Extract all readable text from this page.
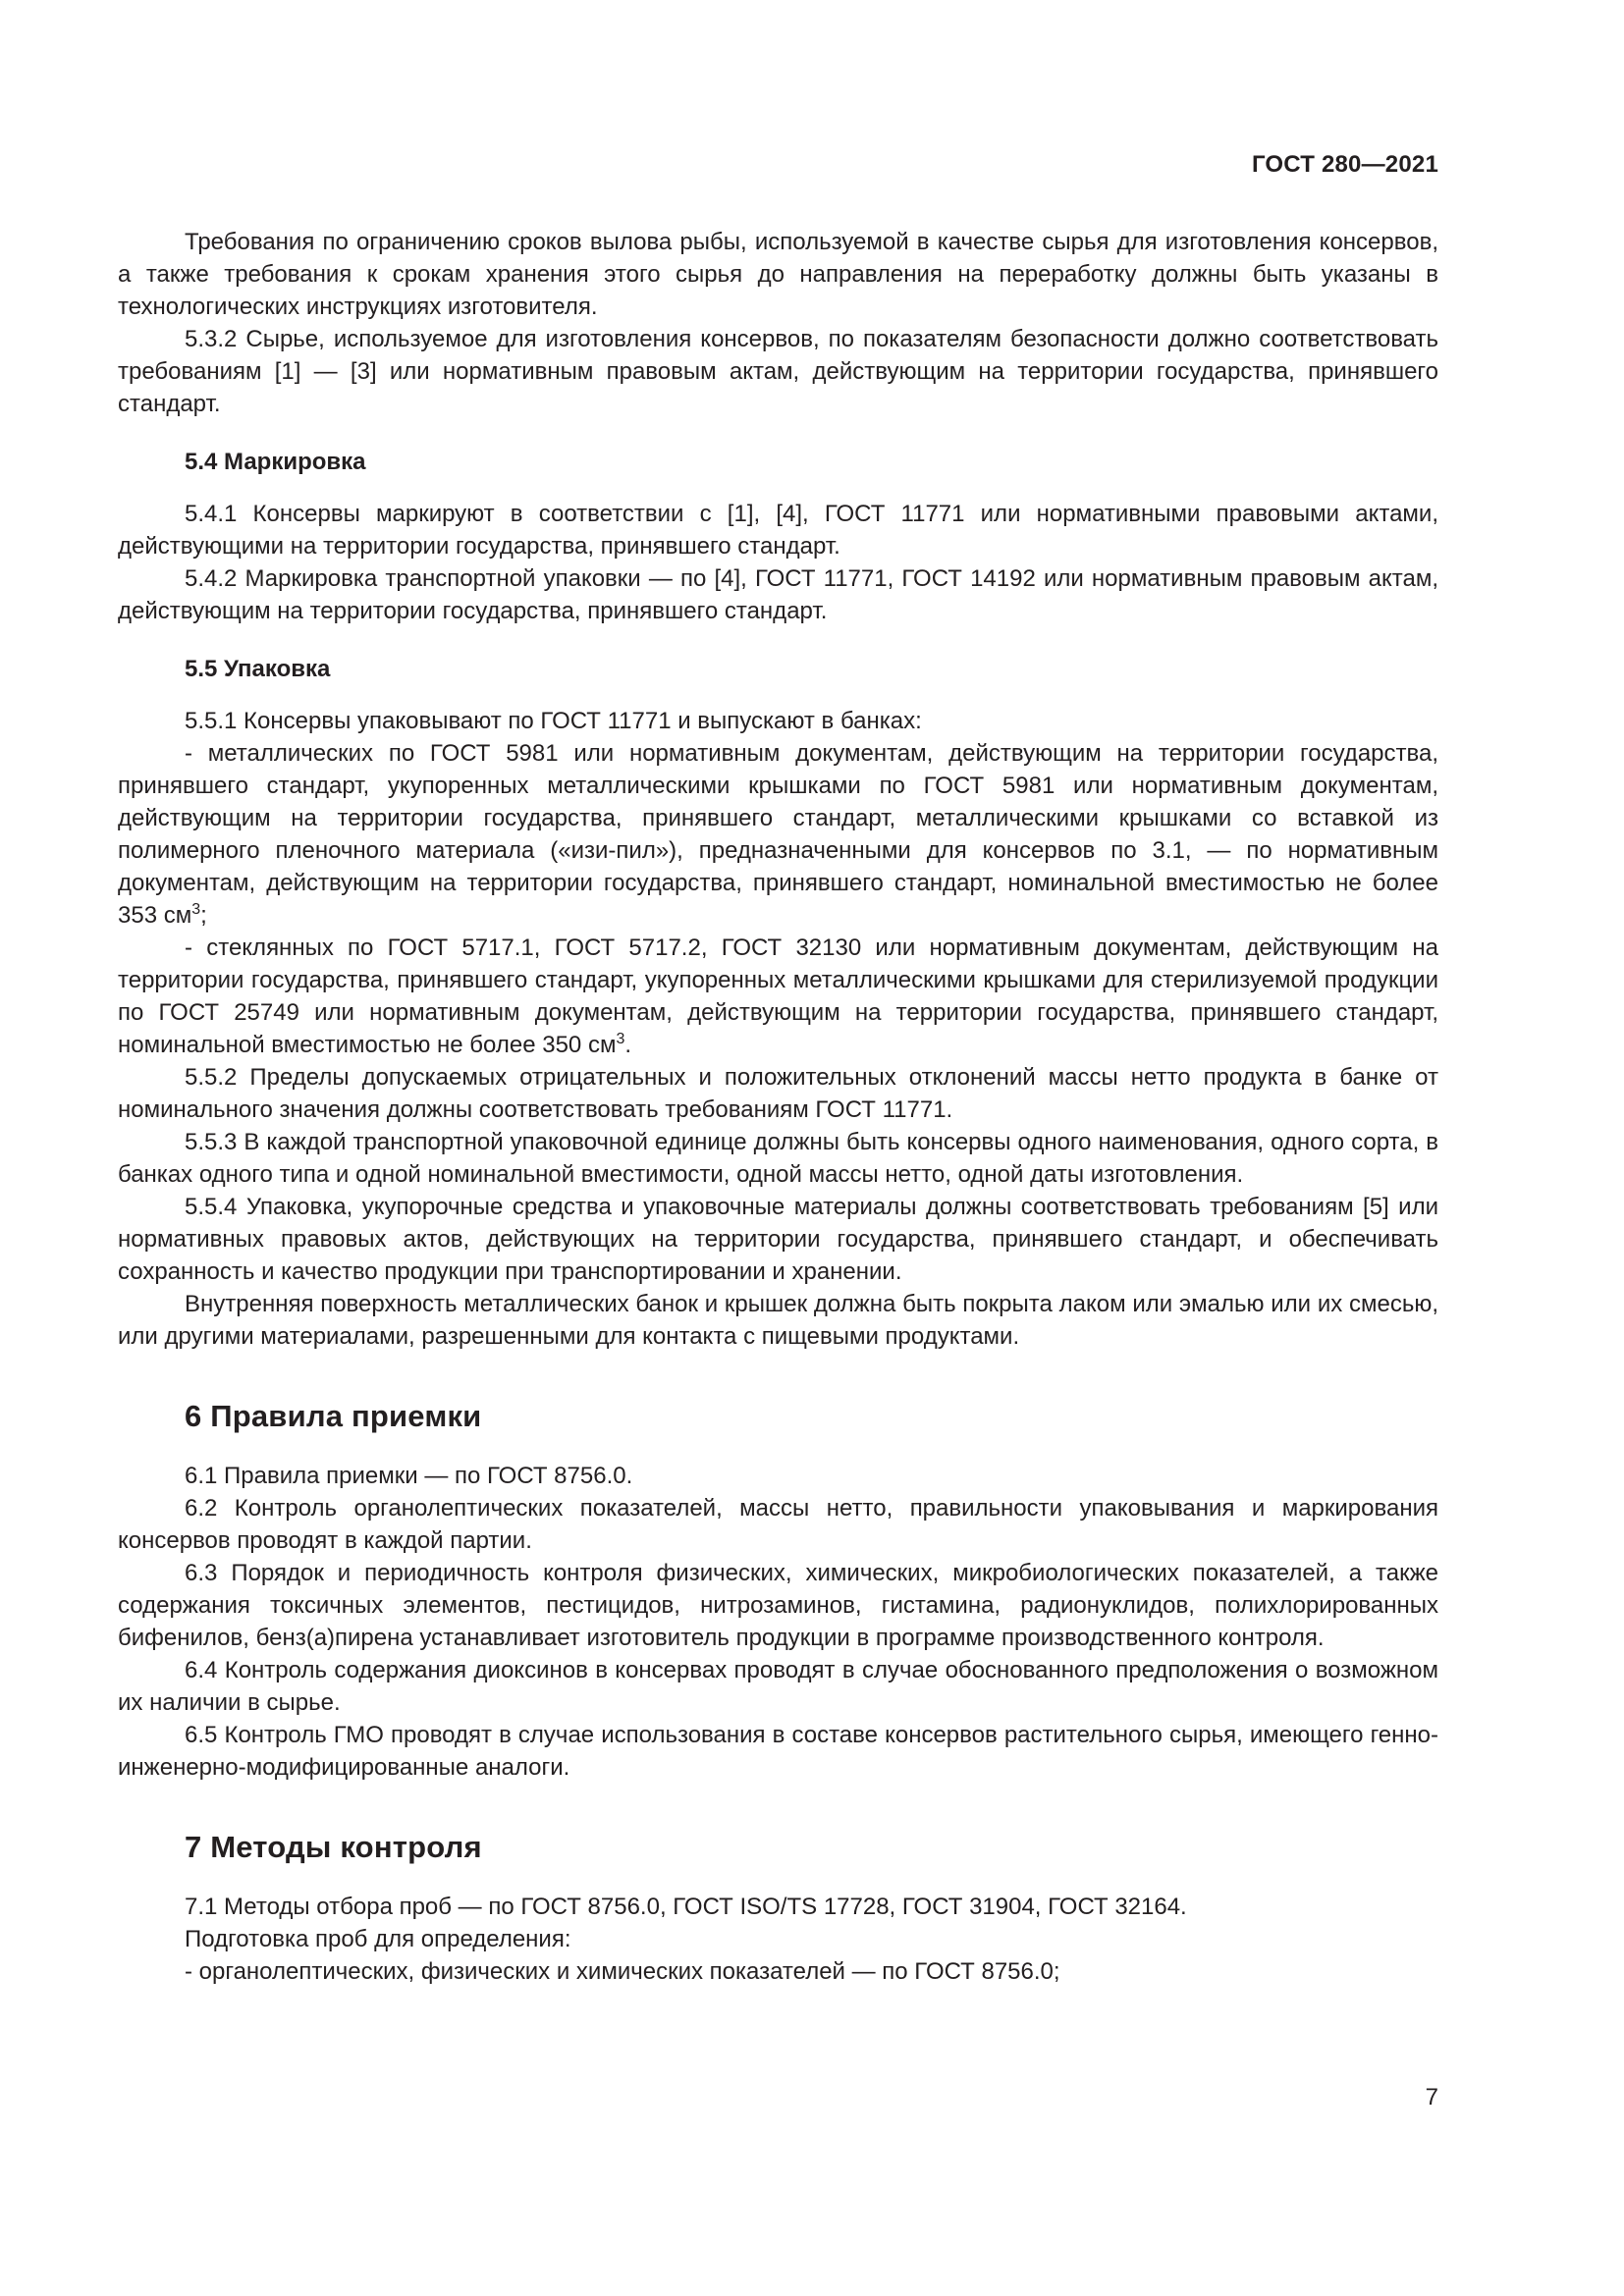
ГОСТ 280—2021

Требования по ограничению сроков вылова рыбы, используемой в качестве сырья для изготовления консервов, а также требования к срокам хранения этого сырья до направления на переработку должны быть указаны в технологических инструкциях изготовителя.

5.3.2 Сырье, используемое для изготовления консервов, по показателям безопасности должно соответствовать требованиям [1] — [3] или нормативным правовым актам, действующим на территории государства, принявшего стандарт.

5.4 Маркировка

5.4.1 Консервы маркируют в соответствии с [1], [4], ГОСТ 11771 или нормативными правовыми актами, действующими на территории государства, принявшего стандарт.

5.4.2 Маркировка транспортной упаковки — по [4], ГОСТ 11771, ГОСТ 14192 или нормативным правовым актам, действующим на территории государства, принявшего стандарт.

5.5 Упаковка

5.5.1 Консервы упаковывают по ГОСТ 11771 и выпускают в банках:

- металлических по ГОСТ 5981 или нормативным документам, действующим на территории государства, принявшего стандарт, укупоренных металлическими крышками по ГОСТ 5981 или нормативным документам, действующим на территории государства, принявшего стандарт, металлическими крышками со вставкой из полимерного пленочного материала («изи-пил»), предназначенными для консервов по 3.1, — по нормативным документам, действующим на территории государства, принявшего стандарт, номинальной вместимостью не более 353 $см^3$;

- стеклянных по ГОСТ 5717.1, ГОСТ 5717.2, ГОСТ 32130 или нормативным документам, действующим на территории государства, принявшего стандарт, укупоренных металлическими крышками для стерилизуемой продукции по ГОСТ 25749 или нормативным документам, действующим на территории государства, принявшего стандарт, номинальной вместимостью не более 350 $см^3$.

5.5.2 Пределы допускаемых отрицательных и положительных отклонений массы нетто продукта в банке от номинального значения должны соответствовать требованиям ГОСТ 11771.

5.5.3 В каждой транспортной упаковочной единице должны быть консервы одного наименования, одного сорта, в банках одного типа и одной номинальной вместимости, одной массы нетто, одной даты изготовления.

5.5.4 Упаковка, укупорочные средства и упаковочные материалы должны соответствовать требованиям [5] или нормативных правовых актов, действующих на территории государства, принявшего стандарт, и обеспечивать сохранность и качество продукции при транспортировании и хранении.

Внутренняя поверхность металлических банок и крышек должна быть покрыта лаком или эмалью или их смесью, или другими материалами, разрешенными для контакта с пищевыми продуктами.

6 Правила приемки

6.1 Правила приемки — по ГОСТ 8756.0.

6.2 Контроль органолептических показателей, массы нетто, правильности упаковывания и маркирования консервов проводят в каждой партии.

6.3 Порядок и периодичность контроля физических, химических, микробиологических показателей, а также содержания токсичных элементов, пестицидов, нитрозаминов, гистамина, радионуклидов, полихлорированных бифенилов, бенз(а)пирена устанавливает изготовитель продукции в программе производственного контроля.

6.4 Контроль содержания диоксинов в консервах проводят в случае обоснованного предположения о возможном их наличии в сырье.

6.5 Контроль ГМО проводят в случае использования в составе консервов растительного сырья, имеющего генно-инженерно-модифицированные аналоги.

7 Методы контроля

7.1 Методы отбора проб — по ГОСТ 8756.0, ГОСТ ISO/TS 17728, ГОСТ 31904, ГОСТ 32164.

Подготовка проб для определения:

- органолептических, физических и химических показателей — по ГОСТ 8756.0;

7
